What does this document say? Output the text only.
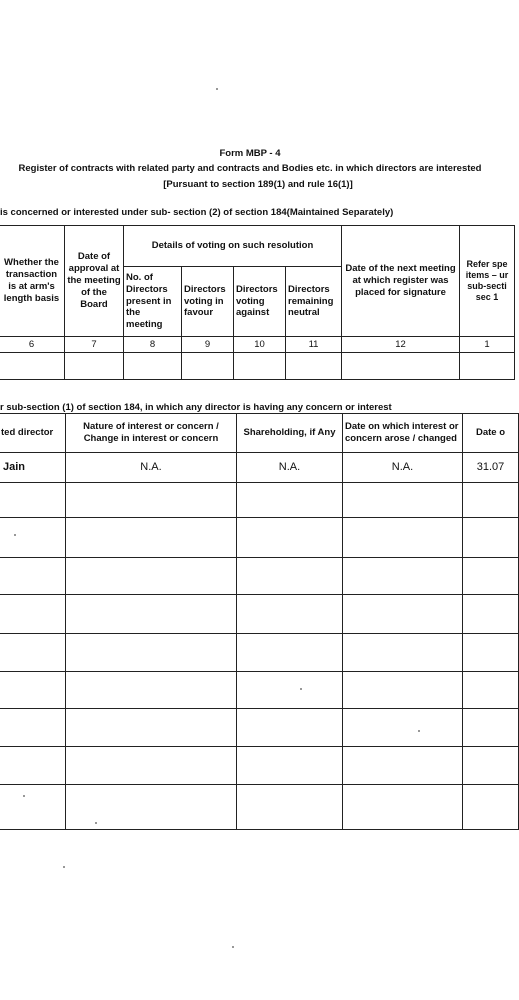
Form MBP - 4
Register of contracts with related party and contracts and Bodies etc. in which directors are interested
[Pursuant to section 189(1) and rule 16(1)]
is concerned or interested under sub- section (2) of section 184(Maintained Separately)
Whether the transaction is at arm's length basis	Date of approval at the meeting of the Board	Details of voting on such resolution				Date of the next meeting at which register was placed for signature	Refer spe items – ur sub-secti sec 1
		No. of Directors present in the meeting	Directors voting in favour	Directors voting against	Directors remaining neutral		
6	7	8	9	10	11	12	1

r sub-section (1) of section 184, in which any director is having any concern or interest
ted director	Nature of interest or concern / Change in interest or concern	Shareholding, if Any	Date on which interest or concern arose / changed	Date o
Jain	N.A.	N.A.	N.A.	31.07
